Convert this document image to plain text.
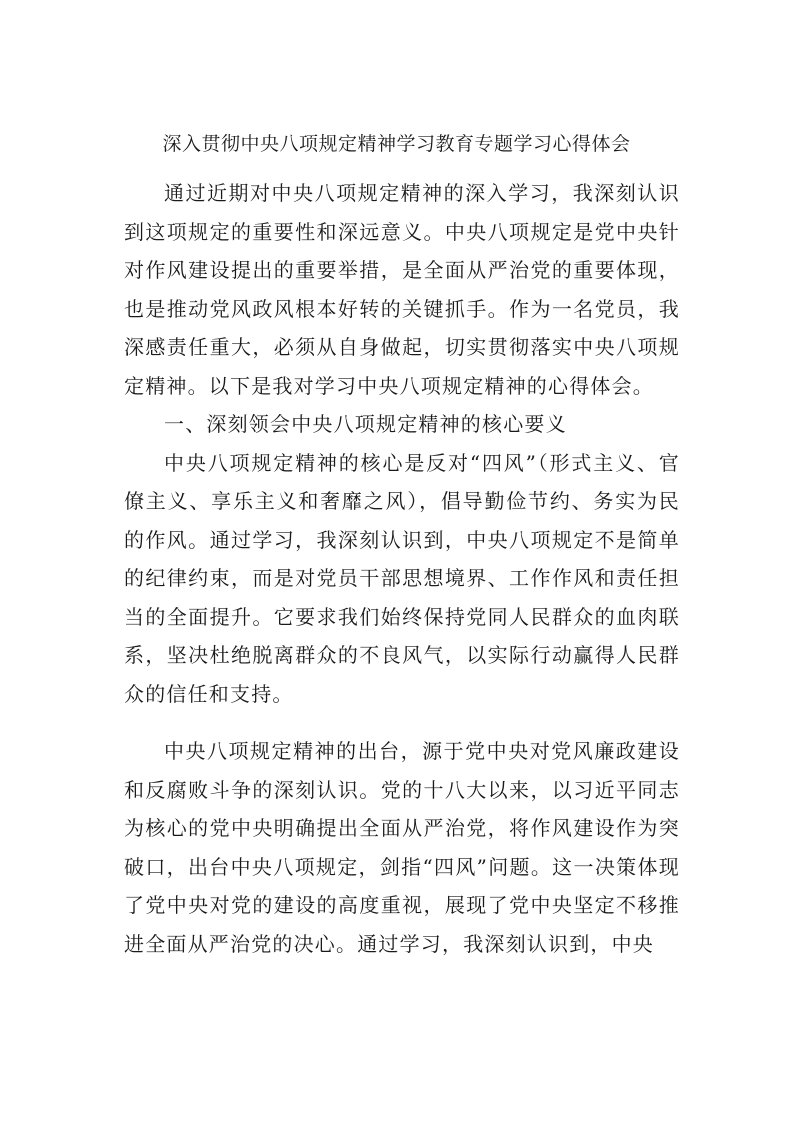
深入贯彻中央八项规定精神学习教育专题学习心得体会

通过近期对中央八项规定精神的深入学习，我深刻认识到这项规定的重要性和深远意义。中央八项规定是党中央针对作风建设提出的重要举措，是全面从严治党的重要体现，也是推动党风政风根本好转的关键抓手。作为一名党员，我深感责任重大，必须从自身做起，切实贯彻落实中央八项规定精神。以下是我对学习中央八项规定精神的心得体会。

一、深刻领会中央八项规定精神的核心要义

中央八项规定精神的核心是反对“四风”（形式主义、官僚主义、享乐主义和奢靡之风），倡导勤俭节约、务实为民的作风。通过学习，我深刻认识到，中央八项规定不是简单的纪律约束，而是对党员干部思想境界、工作作风和责任担当的全面提升。它要求我们始终保持党同人民群众的血肉联系，坚决杜绝脱离群众的不良风气，以实际行动赢得人民群众的信任和支持。

中央八项规定精神的出台，源于党中央对党风廉政建设和反腐败斗争的深刻认识。党的十八大以来，以习近平同志为核心的党中央明确提出全面从严治党，将作风建设作为突破口，出台中央八项规定，剑指“四风”问题。这一决策体现了党中央对党的建设的高度重视，展现了党中央坚定不移推进全面从严治党的决心。通过学习，我深刻认识到，中央
